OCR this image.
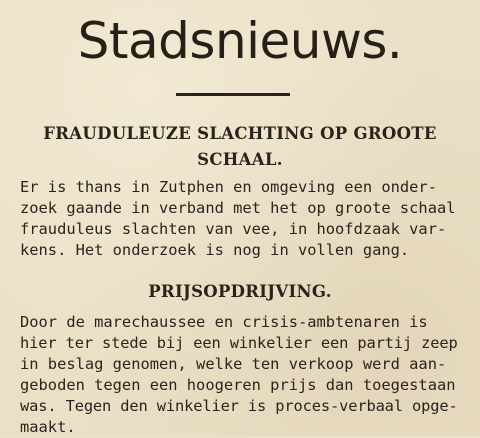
Stadsnieuws.
FRAUDULEUZE SLACHTING OP GROOTE
SCHAAL.
Er is thans in Zutphen en omgeving een onder-
zoek gaande in verband met het op groote schaal
frauduleus slachten van vee, in hoofdzaak var-
kens. Het onderzoek is nog in vollen gang.
PRIJSOPDRIJVING.
Door de marechaussee en crisis-ambtenaren is
hier ter stede bij een winkelier een partij zeep
in beslag genomen, welke ten verkoop werd aan-
geboden tegen een hoogeren prijs dan toegestaan
was. Tegen den winkelier is proces-verbaal opge-
maakt.
